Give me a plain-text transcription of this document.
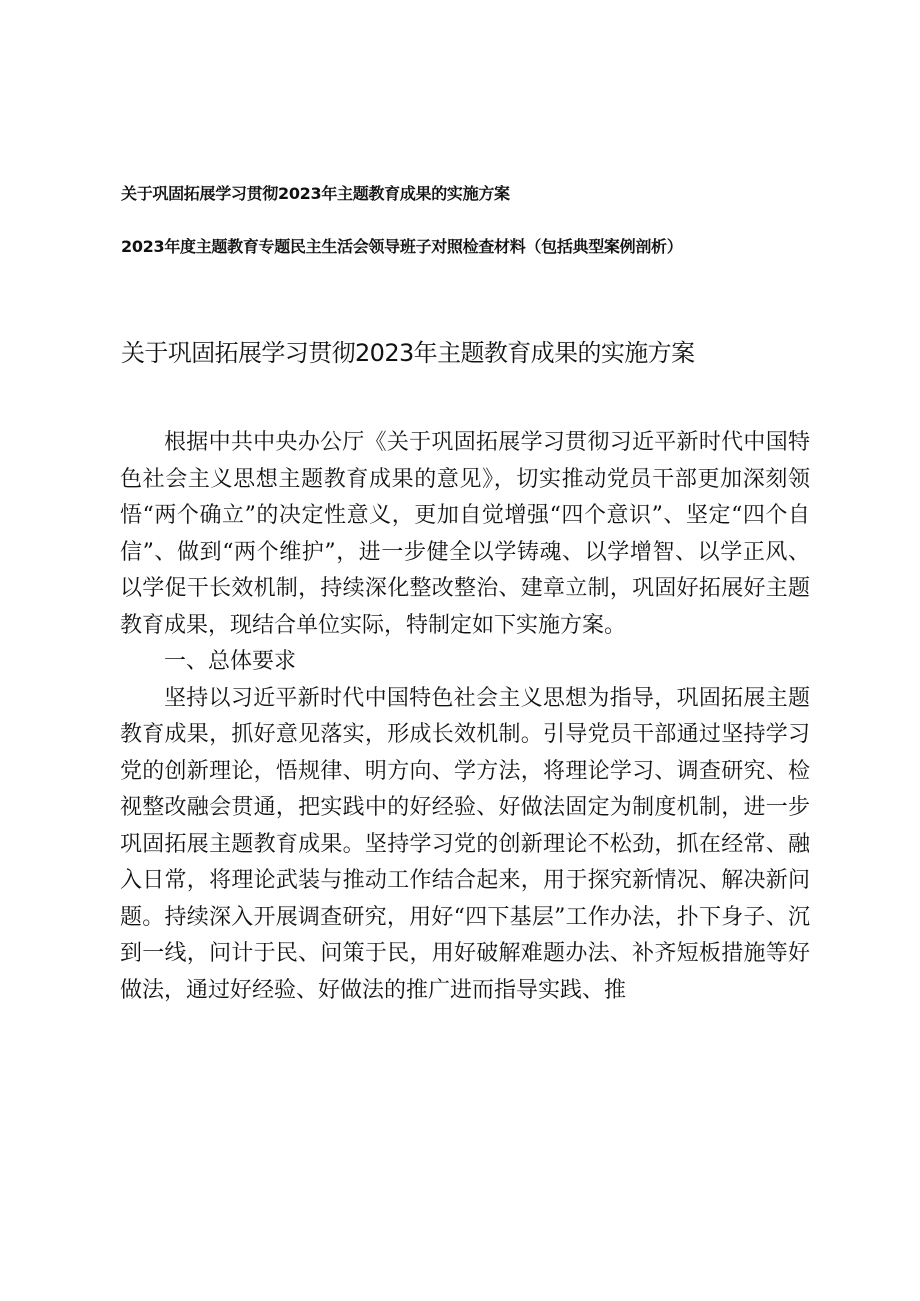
关于巩固拓展学习贯彻2023年主题教育成果的实施方案
2023年度主题教育专题民主生活会领导班子对照检查材料（包括典型案例剖析）
关于巩固拓展学习贯彻2023年主题教育成果的实施方案

根据中共中央办公厅《关于巩固拓展学习贯彻习近平新时代中国特色社会主义思想主题教育成果的意见》，切实推动党员干部更加深刻领悟“两个确立”的决定性意义，更加自觉增强“四个意识”、坚定“四个自信”、做到“两个维护”，进一步健全以学铸魂、以学增智、以学正风、以学促干长效机制，持续深化整改整治、建章立制，巩固好拓展好主题教育成果，现结合单位实际，特制定如下实施方案。

一、总体要求

坚持以习近平新时代中国特色社会主义思想为指导，巩固拓展主题教育成果，抓好意见落实，形成长效机制。引导党员干部通过坚持学习党的创新理论，悟规律、明方向、学方法，将理论学习、调查研究、检视整改融会贯通，把实践中的好经验、好做法固定为制度机制，进一步巩固拓展主题教育成果。坚持学习党的创新理论不松劲，抓在经常、融入日常，将理论武装与推动工作结合起来，用于探究新情况、解决新问题。持续深入开展调查研究，用好“四下基层”工作办法，扑下身子、沉到一线，问计于民、问策于民，用好破解难题办法、补齐短板措施等好做法，通过好经验、好做法的推广进而指导实践、推
